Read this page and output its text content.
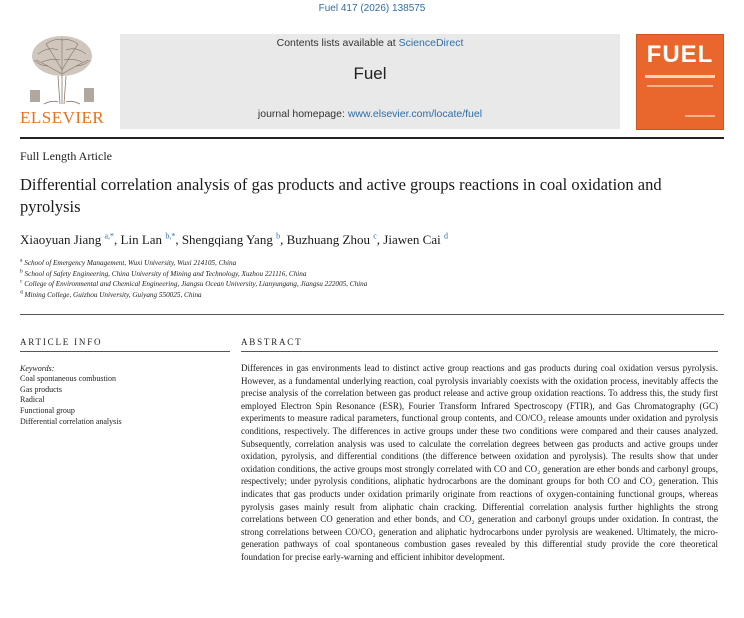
Fuel 417 (2026) 138575
ELSEVIER
Contents lists available at ScienceDirect
Fuel
journal homepage: www.elsevier.com/locate/fuel
FUEL
Full Length Article
Differential correlation analysis of gas products and active groups reactions in coal oxidation and pyrolysis
Xiaoyuan Jiang $^{a,*}$, Lin Lan $^{b,*}$, Shengqiang Yang $^b$, Buzhuang Zhou $^c$, Jiawen Cai $^d$
$^a$ School of Emergency Management, Wuxi University, Wuxi 214105, China
$^b$ School of Safety Engineering, China University of Mining and Technology, Xuzhou 221116, China
$^c$ College of Environmental and Chemical Engineering, Jiangsu Ocean University, Lianyungang, Jiangsu 222005, China
$^d$ Mining College, Guizhou University, Guiyang 550025, China
ARTICLE INFO
Keywords:
Coal spontaneous combustion
Gas products
Radical
Functional group
Differential correlation analysis
ABSTRACT
Differences in gas environments lead to distinct active group reactions and gas products during coal oxidation versus pyrolysis. However, as a fundamental underlying reaction, coal pyrolysis invariably coexists with the oxidation process, inevitably affects the precise analysis of the correlation between gas product release and active group oxidation reactions. To address this, the study first employed Electron Spin Resonance (ESR), Fourier Transform Infrared Spectroscopy (FTIR), and Gas Chromatography (GC) experiments to measure radical parameters, functional group contents, and CO/CO₂ release amounts under oxidation and pyrolysis conditions, respectively. The differences in active groups under these two conditions were compared and their causes analyzed. Subsequently, correlation analysis was used to calculate the correlation degrees between gas products and active groups under oxidation, pyrolysis, and differential conditions (the difference between oxidation and pyrolysis). The results show that under oxidation conditions, the active groups most strongly correlated with CO and CO₂ generation are ether bonds and carbonyl groups, respectively; under pyrolysis conditions, aliphatic hydrocarbons are the dominant groups for both CO and CO₂ generation. This indicates that gas products under oxidation primarily originate from reactions of oxygen-containing functional groups, whereas pyrolysis gases mainly result from aliphatic chain cracking. Differential correlation analysis further highlights the strong correlations between CO generation and ether bonds, and CO₂ generation and carbonyl groups under oxidation. In contrast, the strong correlations between CO/CO₂ generation and aliphatic hydrocarbons under pyrolysis are weakened. Ultimately, the micro-generation pathways of coal spontaneous combustion gases revealed by this differential study provide the core theoretical foundation for precise early-warning and efficient inhibitor development.
